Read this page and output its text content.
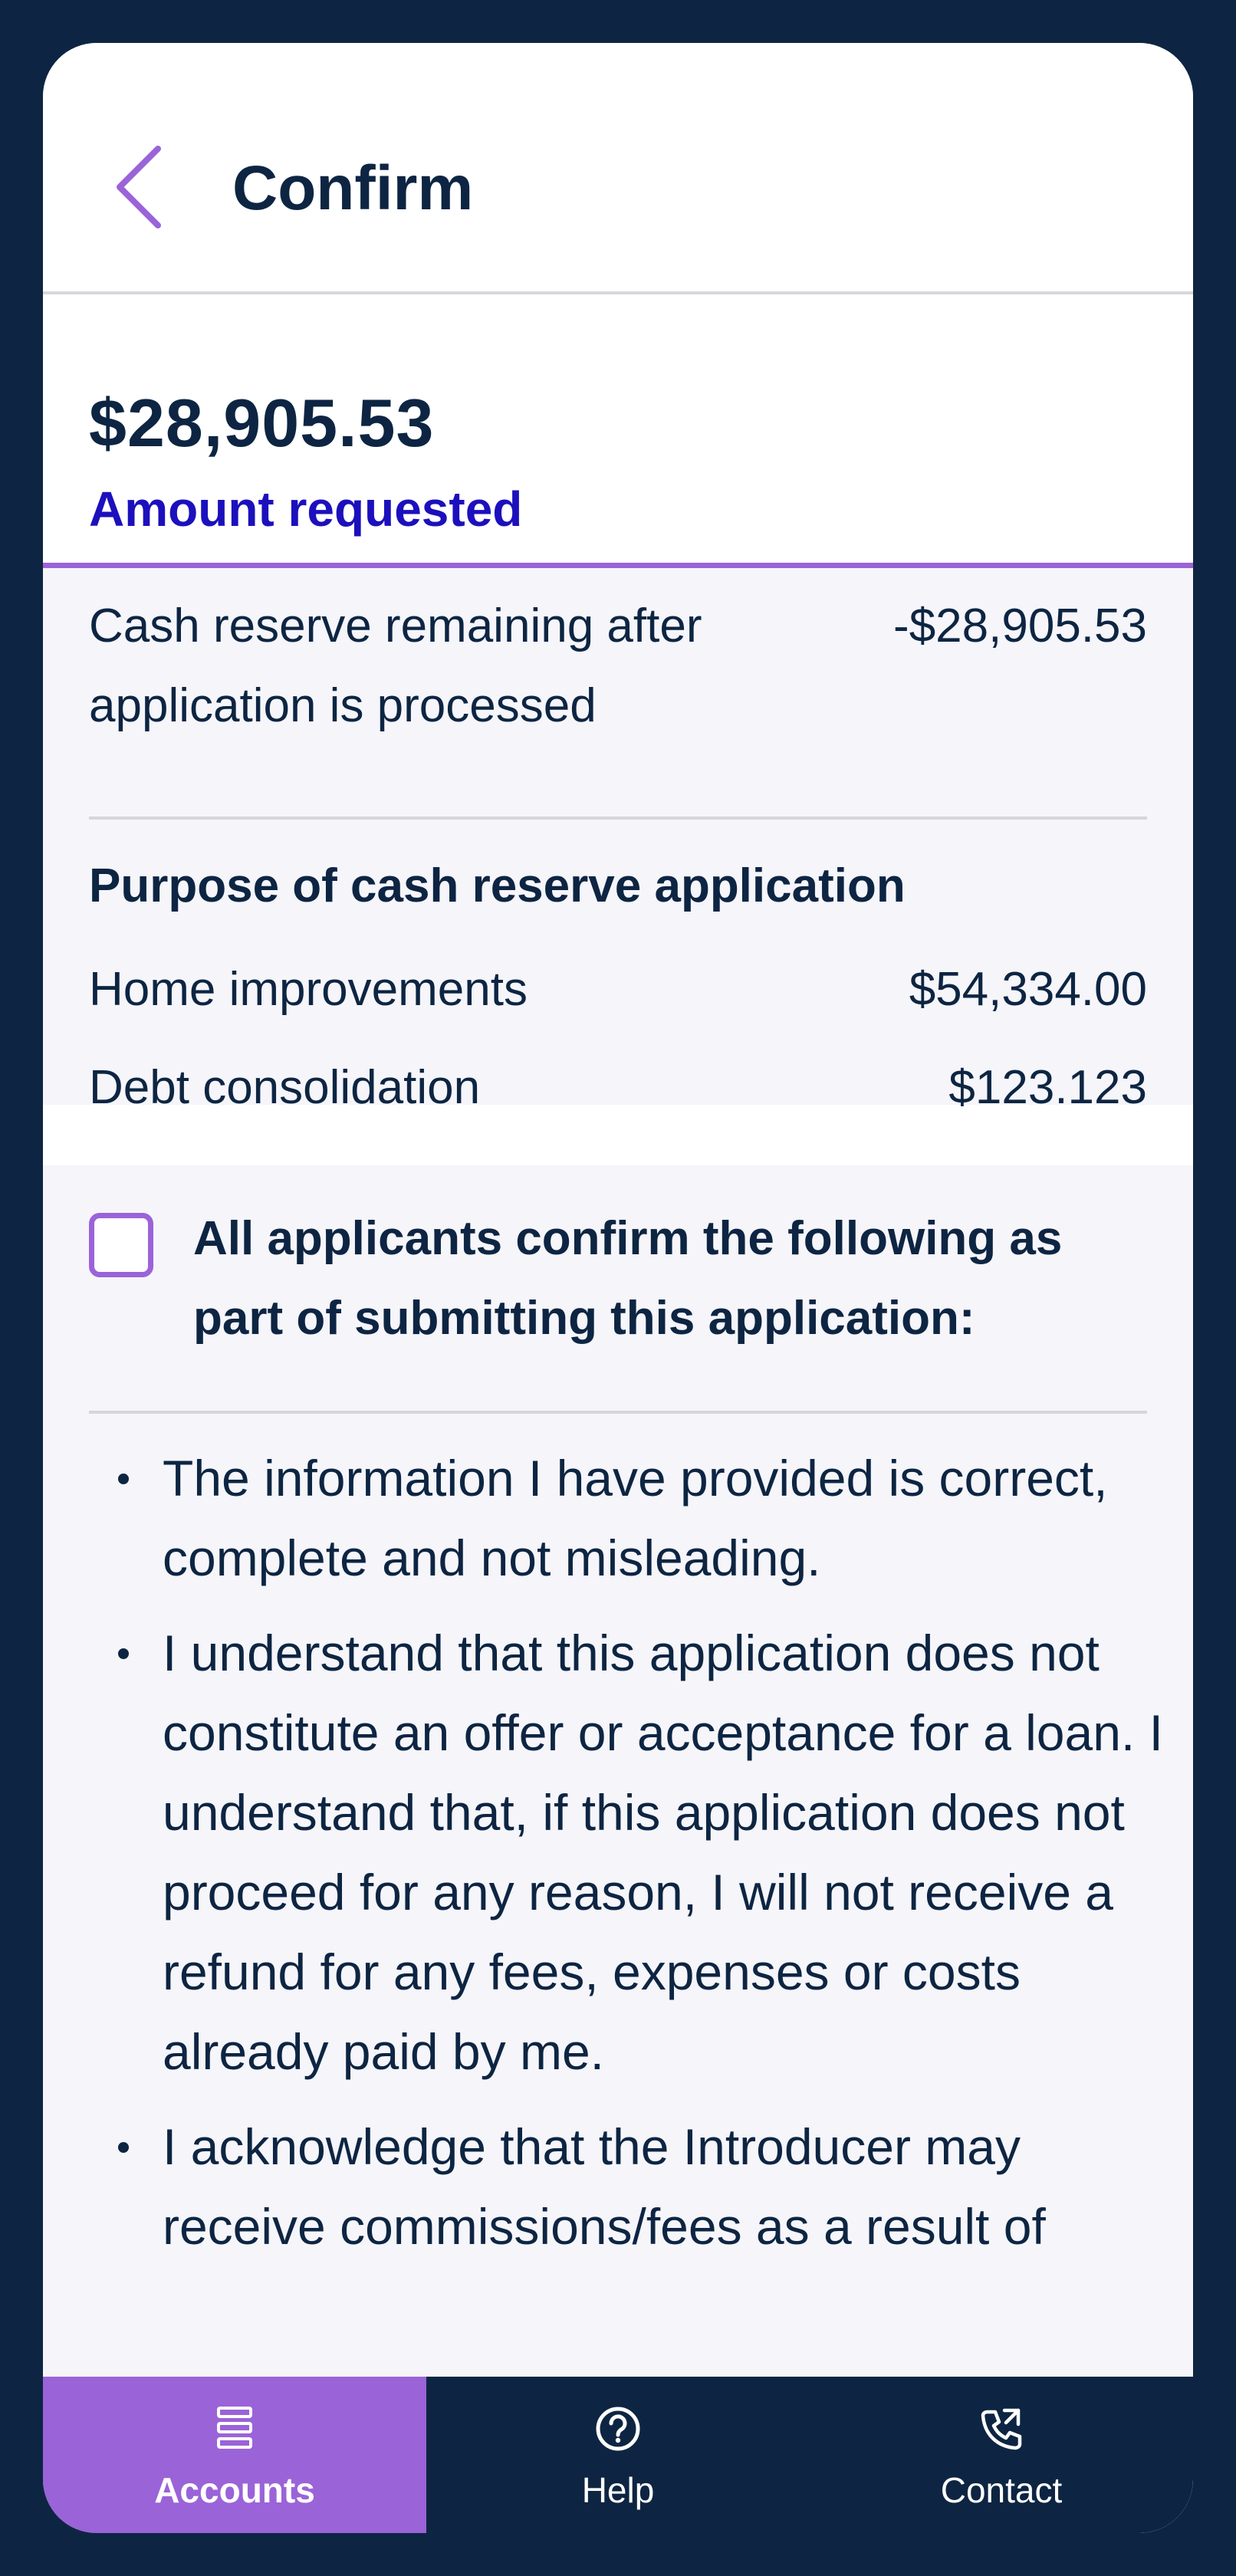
Confirm
$28,905.53
Amount requested
Cash reserve remaining after application is processed
-$28,905.53
Purpose of cash reserve application
Home improvements	$54,334.00
Debt consolidation	$123.123
All applicants confirm the following as part of submitting this application:
The information I have provided is correct, complete and not misleading.
I understand that this application does not constitute an offer or acceptance for a loan. I understand that, if this application does not proceed for any reason, I will not receive a refund for any fees, expenses or costs already paid by me.
I acknowledge that the Introducer may receive commissions/fees as a result of
Accounts	Help	Contact
